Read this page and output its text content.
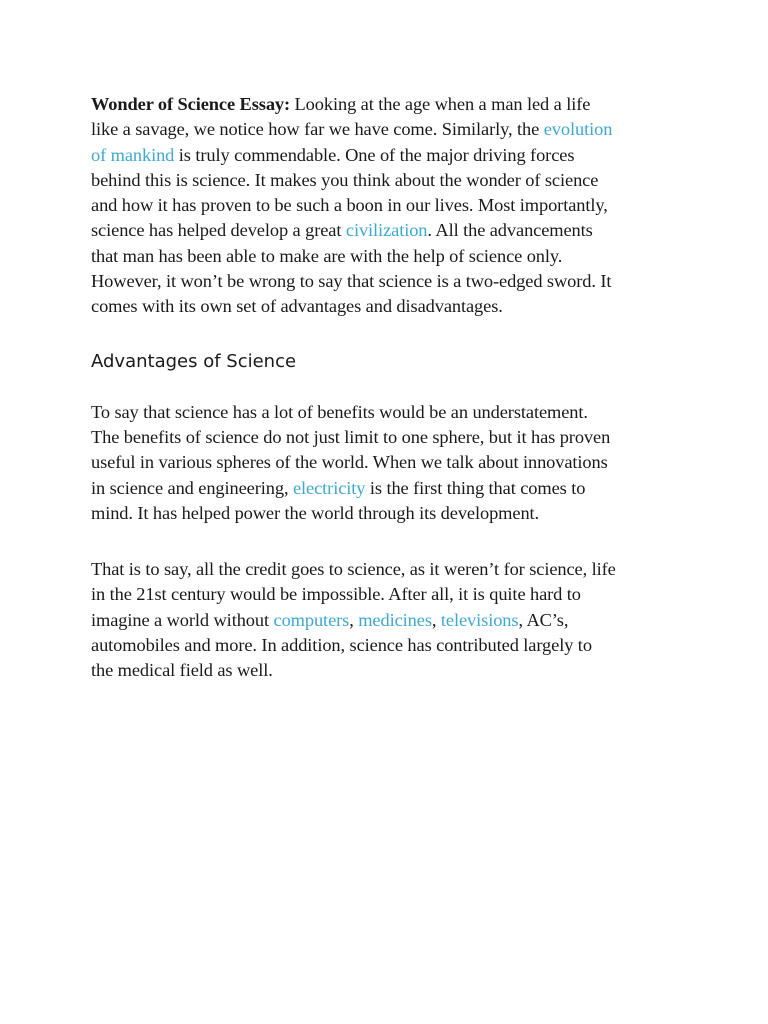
Wonder of Science Essay: Looking at the age when a man led a life
like a savage, we notice how far we have come. Similarly, the evolution
of mankind is truly commendable. One of the major driving forces
behind this is science. It makes you think about the wonder of science
and how it has proven to be such a boon in our lives. Most importantly,
science has helped develop a great civilization. All the advancements
that man has been able to make are with the help of science only.
However, it won’t be wrong to say that science is a two-edged sword. It
comes with its own set of advantages and disadvantages.

Advantages of Science

To say that science has a lot of benefits would be an understatement.
The benefits of science do not just limit to one sphere, but it has proven
useful in various spheres of the world. When we talk about innovations
in science and engineering, electricity is the first thing that comes to
mind. It has helped power the world through its development.

That is to say, all the credit goes to science, as it weren’t for science, life
in the 21st century would be impossible. After all, it is quite hard to
imagine a world without computers, medicines, televisions, AC’s,
automobiles and more. In addition, science has contributed largely to
the medical field as well.
